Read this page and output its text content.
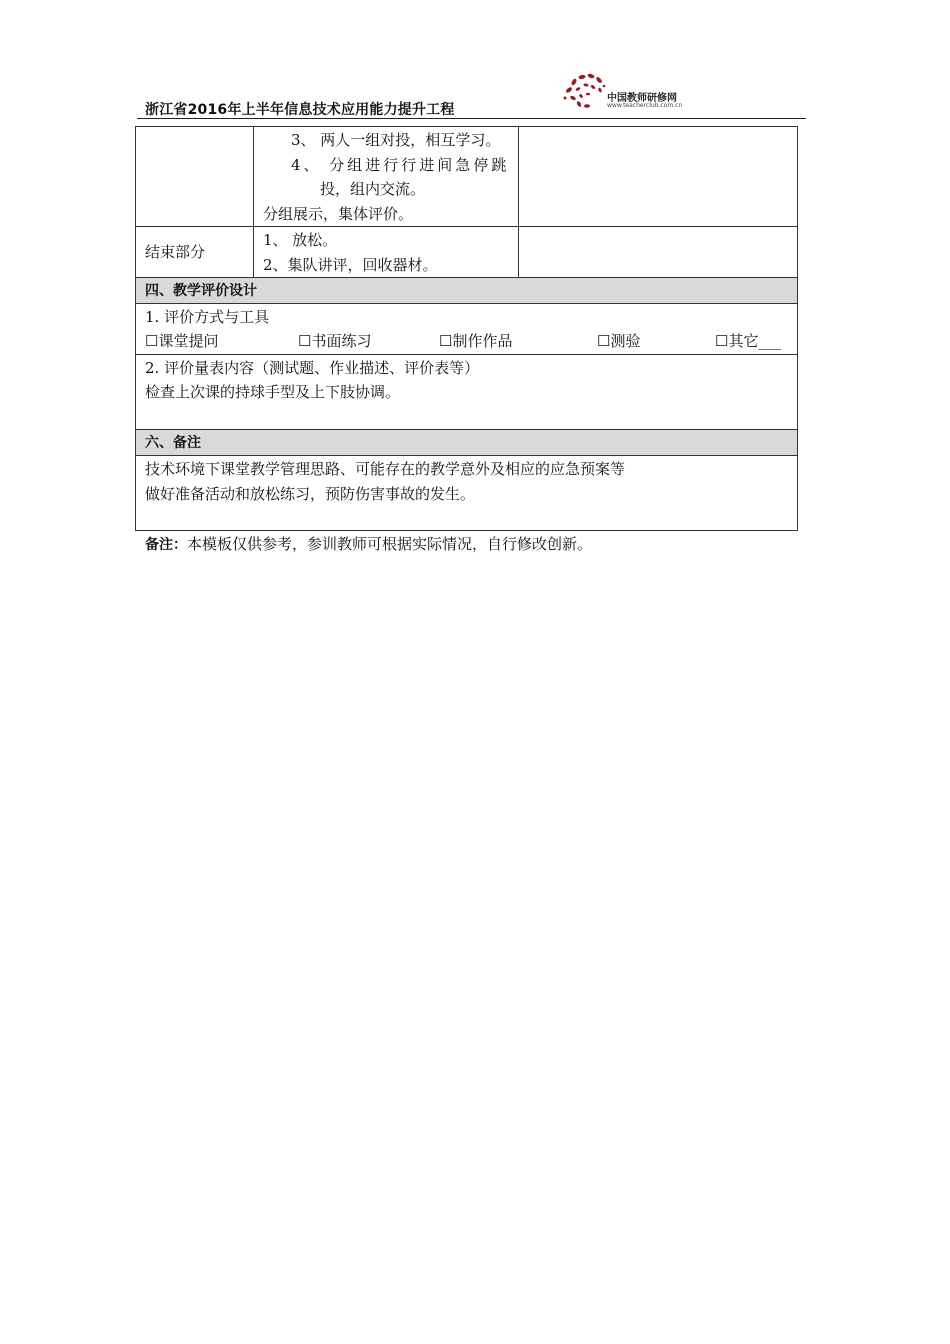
浙江省2016年上半年信息技术应用能力提升工程
中国教师研修网
www.teacherclub.com.cn
3、 两人一组对投，相互学习。
4、 分组进行行进间急停跳
投，组内交流。
分组展示，集体评价。
结束部分
1、 放松。
2、集队讲评，回收器材。
四、教学评价设计
1. 评价方式与工具
☐课堂提问	☐书面练习	☐制作作品	☐测验	☐其它___
2. 评价量表内容（测试题、作业描述、评价表等）
检查上次课的持球手型及上下肢协调。
六、备注
技术环境下课堂教学管理思路、可能存在的教学意外及相应的应急预案等
做好准备活动和放松练习，预防伤害事故的发生。
备注：本模板仅供参考，参训教师可根据实际情况，自行修改创新。
